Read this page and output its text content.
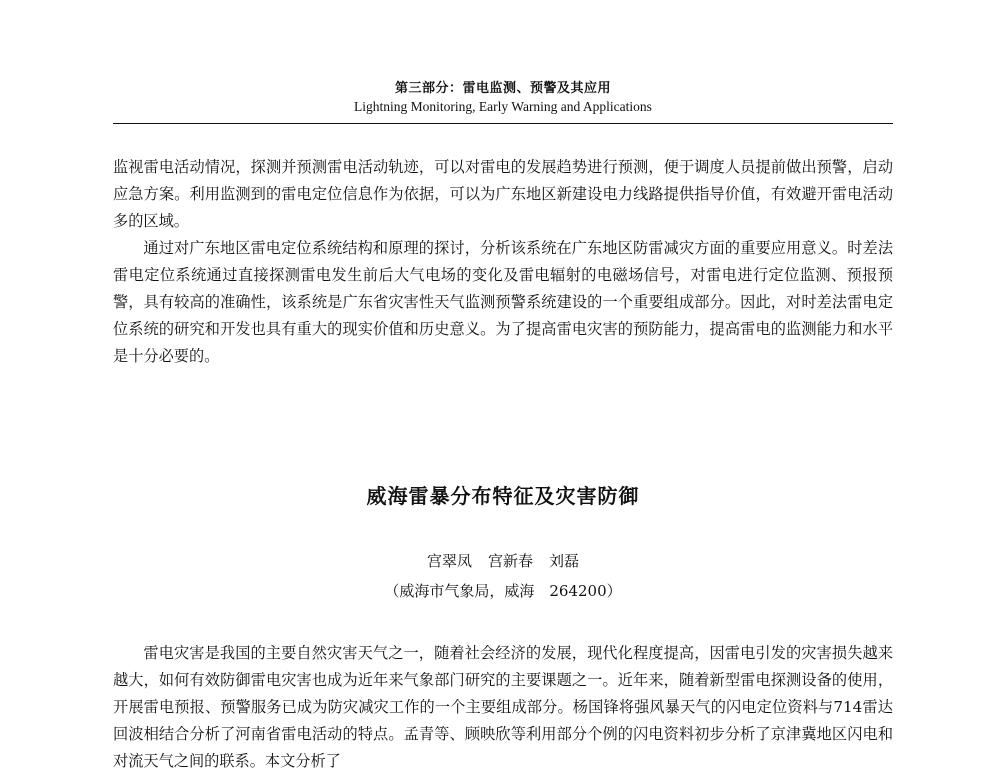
第三部分：雷电监测、预警及其应用
Lightning Monitoring, Early Warning and Applications

监视雷电活动情况，探测并预测雷电活动轨迹，可以对雷电的发展趋势进行预测，便于调度人员提前做出预警，启动应急方案。利用监测到的雷电定位信息作为依据，可以为广东地区新建设电力线路提供指导价值，有效避开雷电活动多的区域。

通过对广东地区雷电定位系统结构和原理的探讨，分析该系统在广东地区防雷减灾方面的重要应用意义。时差法雷电定位系统通过直接探测雷电发生前后大气电场的变化及雷电辐射的电磁场信号，对雷电进行定位监测、预报预警，具有较高的准确性，该系统是广东省灾害性天气监测预警系统建设的一个重要组成部分。因此，对时差法雷电定位系统的研究和开发也具有重大的现实价值和历史意义。为了提高雷电灾害的预防能力，提高雷电的监测能力和水平是十分必要的。

威海雷暴分布特征及灾害防御
宫翠凤 宫新春 刘磊
（威海市气象局，威海　264200）

雷电灾害是我国的主要自然灾害天气之一，随着社会经济的发展，现代化程度提高，因雷电引发的灾害损失越来越大，如何有效防御雷电灾害也成为近年来气象部门研究的主要课题之一。近年来，随着新型雷电探测设备的使用，开展雷电预报、预警服务已成为防灾减灾工作的一个主要组成部分。杨国锋将强风暴天气的闪电定位资料与714雷达回波相结合分析了河南省雷电活动的特点。孟青等、顾映欣等利用部分个例的闪电资料初步分析了京津冀地区闪电和对流天气之间的联系。本文分析了
